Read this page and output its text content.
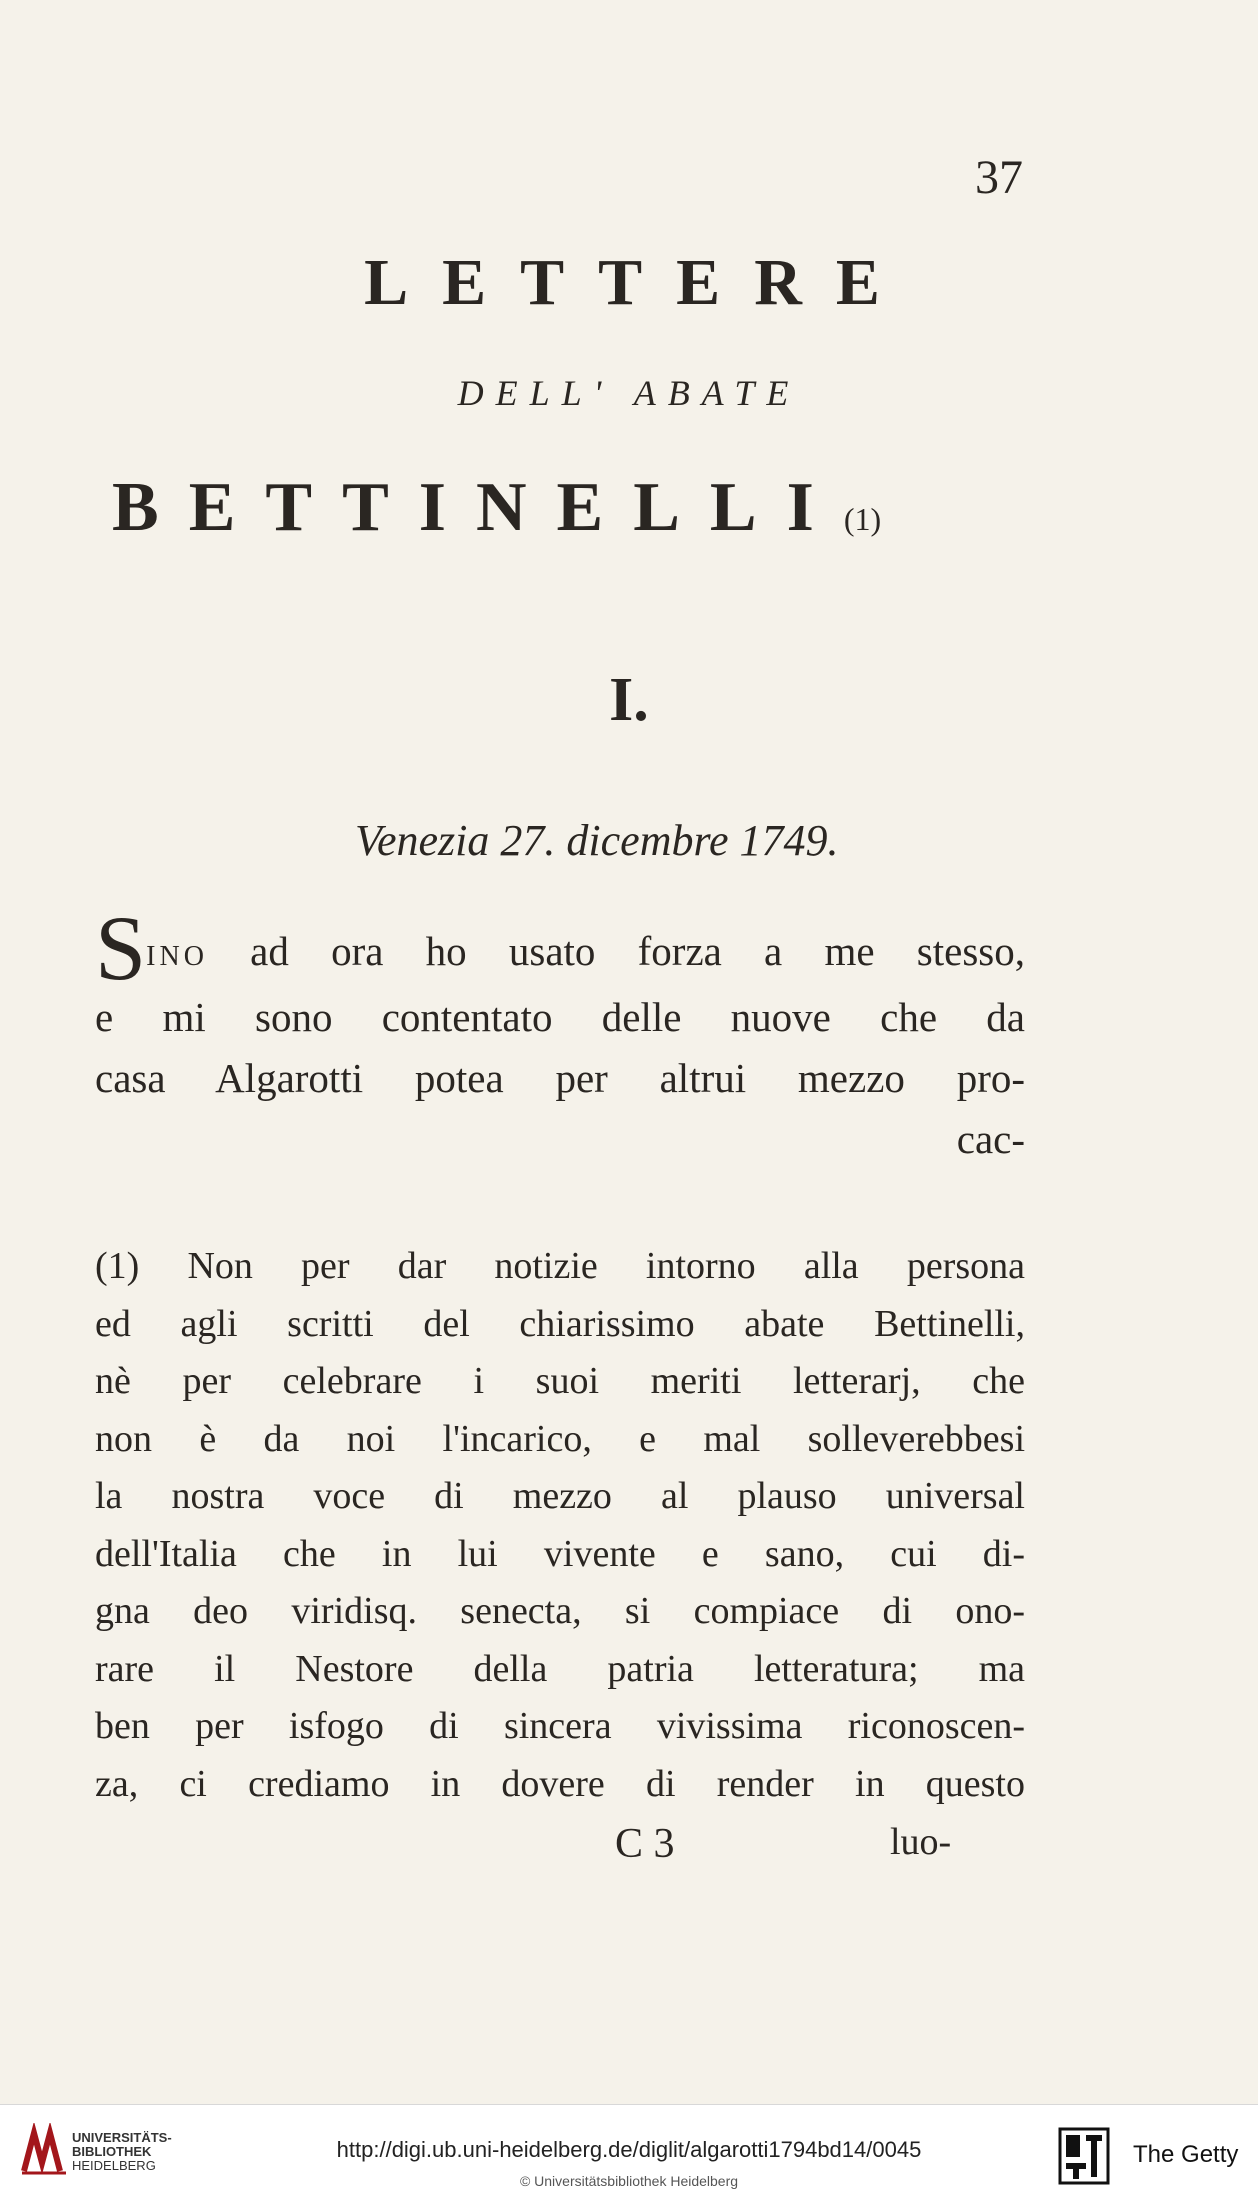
37
LETTERE
DELL' ABATE
BETTINELLI(1)
I.
Venezia 27. dicembre 1749.
SINO ad ora ho usato forza a me stesso,
e mi sono contentato delle nuove che da
casa Algarotti potea per altrui mezzo pro-
cac-
(1) Non per dar notizie intorno alla persona
ed agli scritti del chiarissimo abate Bettinelli,
nè per celebrare i suoi meriti letterarj, che
non è da noi l'incarico, e mal solleverebbesi
la nostra voce di mezzo al plauso universal
dell'Italia che in lui vivente e sano, cui di-
gna deo viridisq. senecta, si compiace di ono-
rare il Nestore della patria letteratura; ma
ben per isfogo di sincera vivissima riconoscen-
za, ci crediamo in dovere di render in questo
C 3	luo-
UNIVERSITÄTS-
BIBLIOTHEK
HEIDELBERG
http://digi.ub.uni-heidelberg.de/diglit/algarotti1794bd14/0045
© Universitätsbibliothek Heidelberg
The Getty
